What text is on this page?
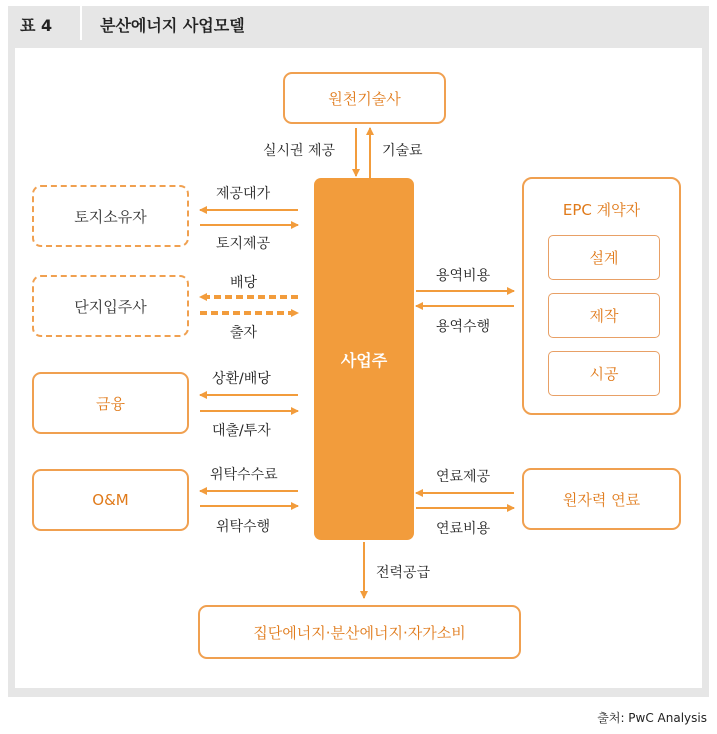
표 4	분산에너지 사업모델
원천기술사
토지소유자
단지입주사
금융
O&M
사업주
EPC 계약자
설계
제작
시공
원자력 연료
집단에너지·분산에너지·자가소비
실시권 제공	기술료
제공대가
토지제공
배당
출자
상환/배당
대출/투자
위탁수수료
위탁수행
용역비용
용역수행
연료제공
연료비용
전력공급
출처: PwC Analysis
